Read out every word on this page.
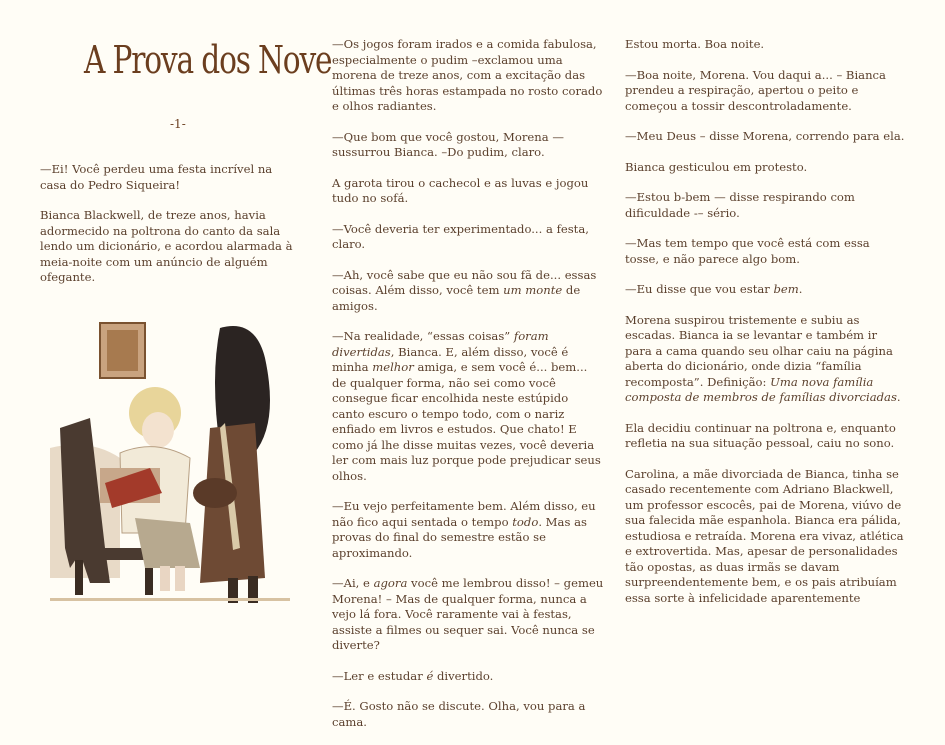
A Prova dos Nove
-1-

—Ei! Você perdeu uma festa incrível na casa do Pedro Siqueira!

Bianca Blackwell, de treze anos, havia adormecido na poltrona do canto da sala lendo um dicionário, e acordou alarmada à meia-noite com um anúncio de alguém ofegante.

—Os jogos foram irados e a comida fabulosa, especialmente o pudim –exclamou uma morena de treze anos, com a excitação das últimas três horas estampada no rosto corado e olhos radiantes.

—Que bom que você gostou, Morena — sussurrou Bianca. –Do pudim, claro.

A garota tirou o cachecol e as luvas e jogou tudo no sofá.

—Você deveria ter experimentado... a festa, claro.

—Ah, você sabe que eu não sou fã de... essas coisas. Além disso, você tem um monte de amigos.

—Na realidade, “essas coisas” foram divertidas, Bianca. E, além disso, você é minha melhor amiga, e sem você é... bem... de qualquer forma, não sei como você consegue ficar encolhida neste estúpido canto escuro o tempo todo, com o nariz enfiado em livros e estudos. Que chato! E como já lhe disse muitas vezes, você deveria ler com mais luz porque pode prejudicar seus olhos.

—Eu vejo perfeitamente bem. Além disso, eu não fico aqui sentada o tempo todo. Mas as provas do final do semestre estão se aproximando.

—Ai, e agora você me lembrou disso! – gemeu Morena! – Mas de qualquer forma, nunca a vejo lá fora. Você raramente vai à festas, assiste a filmes ou sequer sai. Você nunca se diverte?

—Ler e estudar é divertido.

—É. Gosto não se discute. Olha, vou para a cama.

Estou morta. Boa noite.

—Boa noite, Morena. Vou daqui a... – Bianca prendeu a respiração, apertou o peito e começou a tossir descontroladamente.

—Meu Deus – disse Morena, correndo para ela.

Bianca gesticulou em protesto.

—Estou b-bem — disse respirando com dificuldade -– sério.

—Mas tem tempo que você está com essa tosse, e não parece algo bom.

—Eu disse que vou estar bem.

Morena suspirou tristemente e subiu as escadas. Bianca ia se levantar e também ir para a cama quando seu olhar caiu na página aberta do dicionário, onde dizia “família recomposta”. Definição: Uma nova família composta de membros de famílias divorciadas.

Ela decidiu continuar na poltrona e, enquanto refletia na sua situação pessoal, caiu no sono.

Carolina, a mãe divorciada de Bianca, tinha se casado recentemente com Adriano Blackwell, um professor escocês, pai de Morena, viúvo de sua falecida mãe espanhola. Bianca era pálida, estudiosa e retraída. Morena era vivaz, atlética e extrovertida. Mas, apesar de personalidades tão opostas, as duas irmãs se davam surpreendentemente bem, e os pais atribuíam essa sorte à infelicidade aparentemente
